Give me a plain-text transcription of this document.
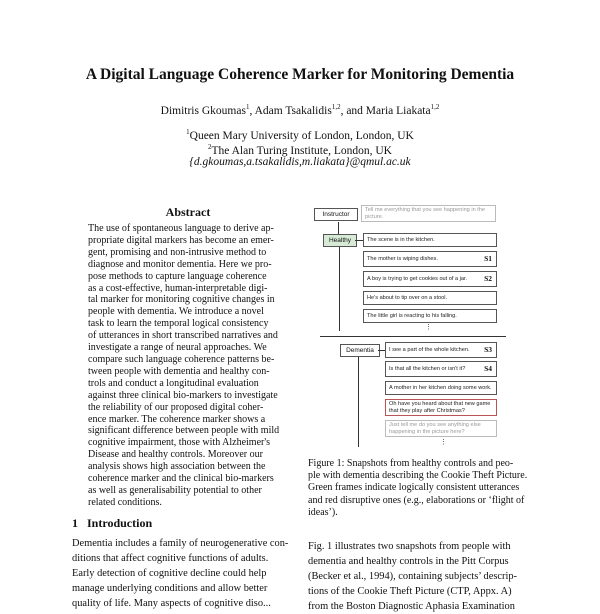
A Digital Language Coherence Marker for Monitoring Dementia
Dimitris Gkoumas$^1$, Adam Tsakalidis$^{1,2}$, and Maria Liakata$^{1,2}$
$^1$Queen Mary University of London, London, UK
$^2$The Alan Turing Institute, London, UK
{d.gkoumas,a.tsakalidis,m.liakata}@qmul.ac.uk
Abstract
The use of spontaneous language to derive ap-
propriate digital markers has become an emer-
gent, promising and non-intrusive method to
diagnose and monitor dementia. Here we pro-
pose methods to capture language coherence
as a cost-effective, human-interpretable digi-
tal marker for monitoring cognitive changes in
people with dementia. We introduce a novel
task to learn the temporal logical consistency
of utterances in short transcribed narratives and
investigate a range of neural approaches. We
compare such language coherence patterns be-
tween people with dementia and healthy con-
trols and conduct a longitudinal evaluation
against three clinical bio-markers to investigate
the reliability of our proposed digital coher-
ence marker. The coherence marker shows a
significant difference between people with mild
cognitive impairment, those with Alzheimer's
Disease and healthy controls. Moreover our
analysis shows high association between the
coherence marker and the clinical bio-markers
as well as generalisability potential to other
related conditions.
1 Introduction
Dementia includes a family of neurogenerative con-
ditions that affect cognitive functions of adults.
Early detection of cognitive decline could help
manage underlying conditions and allow better
quality of life. Many aspects of cognitive diso...
Instructor
Tell me everything that you see happening in the picture.
Healthy	The scene is in the kitchen.
The mother is wiping dishes.	S1
A boy is trying to get cookies out of a jar. S2
He's about to tip over on a stool.
The little girl is reacting to his falling.
⋮
Dementia	I see a part of the whole kitchen. S3
Is that all the kitchen or isn't it?	S4
A mother in her kitchen doing some work.
Oh have you heard about that new game that they play after Christmas?
Just tell me do you see anything else happening in the picture here?
⋮
Figure 1: Snapshots from healthy controls and peo-
ple with dementia describing the Cookie Theft Picture.
Green frames indicate logically consistent utterances
and red disruptive ones (e.g., elaborations or ‘flight of
ideas’).
Fig. 1 illustrates two snapshots from people with
dementia and healthy controls in the Pitt Corpus
(Becker et al., 1994), containing subjects’ descrip-
tions of the Cookie Theft Picture (CTP, Appx. A)
from the Boston Diagnostic Aphasia Examination
